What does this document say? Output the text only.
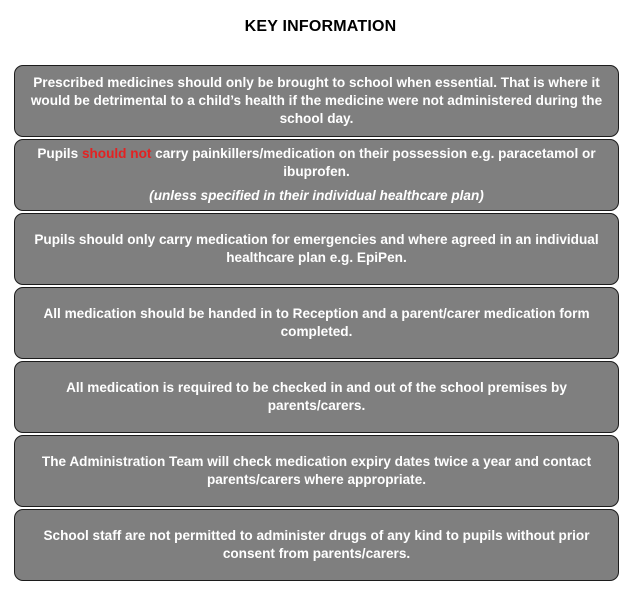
KEY INFORMATION

Prescribed medicines should only be brought to school when essential. That is where it would be detrimental to a child’s health if the medicine were not administered during the school day.

Pupils should not carry painkillers/medication on their possession e.g. paracetamol or ibuprofen.

(unless specified in their individual healthcare plan)

Pupils should only carry medication for emergencies and where agreed in an individual healthcare plan e.g. EpiPen.

All medication should be handed in to Reception and a parent/carer medication form completed.

All medication is required to be checked in and out of the school premises by parents/carers.

The Administration Team will check medication expiry dates twice a year and contact parents/carers where appropriate.

School staff are not permitted to administer drugs of any kind to pupils without prior consent from parents/carers.
